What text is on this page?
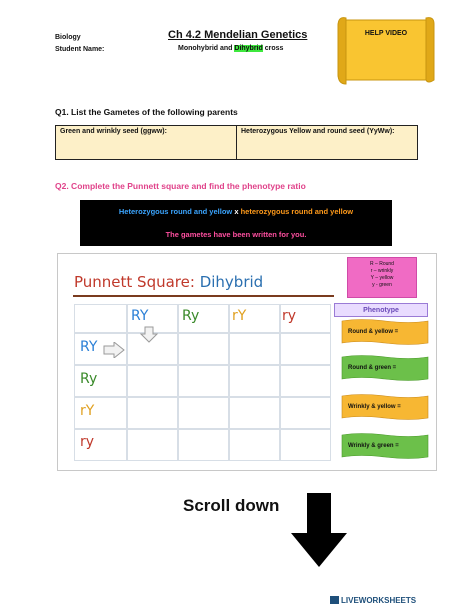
Biology
Student Name:
Ch 4.2 Mendelian Genetics
Monohybrid and Dihybrid cross
HELP VIDEO
Q1. List the Gametes of the following parents
Green and wrinkly seed (ggww):	Heterozygous Yellow and round seed (YyWw):
Q2. Complete the Punnett square and find the phenotype ratio
Heterozygous round and yellow x heterozygous round and yellow
The gametes have been written for you.
Punnett Square: Dihybrid
RY Ry rY	ry
RY
Ry
rY
ry
R – Round
r – wrinkly
Y – yellow
y - green
Phenotype
Round & yellow =
Round & green =
Wrinkly & yellow =
Wrinkly & green =
Scroll down
LIVEWORKSHEETS
